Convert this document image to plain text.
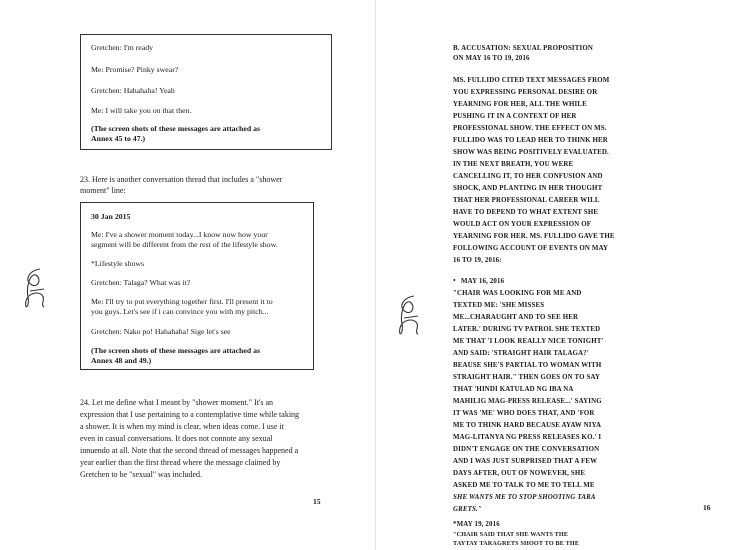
Gretchen: I'm ready
Me: Promise? Pinky swear?
Gretchen: Hahahaha! Yeah
Me: I will take you on that then.
(The screen shots of these messages are attached as
Annex 45 to 47.)
23. Here is another conversation thread that includes a "shower
moment" line:
30 Jan 2015
Me: I've a shower moment today...I know now how your
segment will be different from the rest of the lifestyle show.
*Lifestyle shows
Gretchen: Talaga? What was it?
Me: I'll try to put everything together first. I'll present it to
you guys. Let's see if i can convince you with my pitch...
Gretchen: Nako po! Hahahaha! Sige let's see
(The screen shots of these messages are attached as
Annex 48 and 49.)
24. Let me define what I meant by "shower moment." It's an
expression that I use pertaining to a contemplative time while taking
a shower. It is when my mind is clear, when ideas come. I use it
even in casual conversations. It does not connote any sexual
innuendo at all. Note that the second thread of messages happened a
year earlier than the first thread where the message claimed by
Gretchen to be "sexual" was included.
15
B. ACCUSATION: SEXUAL PROPOSITION
ON MAY 16 TO 19, 2016
MS. FULLIDO CITED TEXT MESSAGES FROM
YOU EXPRESSING PERSONAL DESIRE OR
YEARNING FOR HER, ALL THE WHILE
PUSHING IT IN A CONTEXT OF HER
PROFESSIONAL SHOW. THE EFFECT ON MS.
FULLIDO WAS TO LEAD HER TO THINK HER
SHOW WAS BEING POSITIVELY EVALUATED.
IN THE NEXT BREATH, YOU WERE
CANCELLING IT, TO HER CONFUSION AND
SHOCK, AND PLANTING IN HER THOUGHT
THAT HER PROFESSIONAL CAREER WILL
HAVE TO DEPEND TO WHAT EXTENT SHE
WOULD ACT ON YOUR EXPRESSION OF
YEARNING FOR HER. MS. FULLIDO GAVE THE
FOLLOWING ACCOUNT OF EVENTS ON MAY
16 TO 19, 2016:
• MAY 16, 2016
"CHAIR WAS LOOKING FOR ME AND
TEXTED ME: 'SHE MISSES
ME...CHARAUGHT AND TO SEE HER
LATER.' DURING TV PATROL SHE TEXTED
ME THAT 'I LOOK REALLY NICE TONIGHT'
AND SAID: 'STRAIGHT HAIR TALAGA?'
BEAUSE SHE'S PARTIAL TO WOMAN WITH
STRAIGHT HAIR." THEN GOES ON TO SAY
THAT 'HINDI KATULAD NG IBA NA
MAHILIG MAG-PRESS RELEASE...' SAYING
IT WAS 'ME' WHO DOES THAT, AND 'FOR
ME TO THINK HARD BECAUSE AYAW NIYA
MAG-LITANYA NG PRESS RELEASES KO.' I
DIDN'T ENGAGE ON THE CONVERSATION
AND I WAS JUST SURPRISED THAT A FEW
DAYS AFTER, OUT OF NOWEVER, SHE
ASKED ME TO TALK TO ME TO TELL ME
SHE WANTS ME TO STOP SHOOTING TARA
GRETS."
*MAY 19, 2016
"CHAIR SAID THAT SHE WANTS THE
TAYTAY TARAGRETS SHOOT TO BE THE
16
